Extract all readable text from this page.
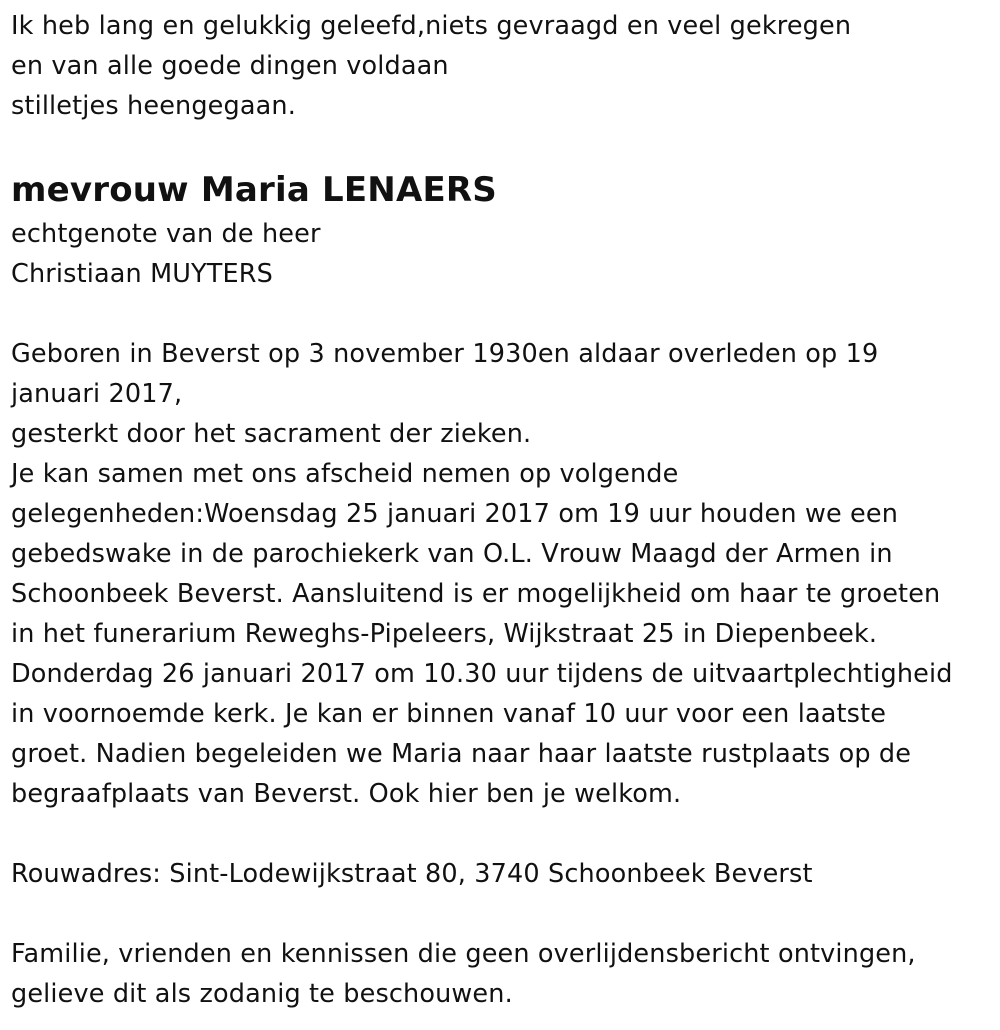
Ik heb lang en gelukkig geleefd,niets gevraagd en veel gekregen
en van alle goede dingen voldaan
stilletjes heengegaan.
mevrouw Maria LENAERS
echtgenote van de heer
Christiaan MUYTERS
Geboren in Beverst op 3 november 1930en aldaar overleden op 19
januari 2017,
gesterkt door het sacrament der zieken.
Je kan samen met ons afscheid nemen op volgende
gelegenheden:Woensdag 25 januari 2017 om 19 uur houden we een
gebedswake in de parochiekerk van O.L. Vrouw Maagd der Armen in
Schoonbeek Beverst. Aansluitend is er mogelijkheid om haar te groeten
in het funerarium Reweghs-Pipeleers, Wijkstraat 25 in Diepenbeek.
Donderdag 26 januari 2017 om 10.30 uur tijdens de uitvaartplechtigheid
in voornoemde kerk. Je kan er binnen vanaf 10 uur voor een laatste
groet. Nadien begeleiden we Maria naar haar laatste rustplaats op de
begraafplaats van Beverst. Ook hier ben je welkom.
Rouwadres: Sint-Lodewijkstraat 80, 3740 Schoonbeek Beverst
Familie, vrienden en kennissen die geen overlijdensbericht ontvingen,
gelieve dit als zodanig te beschouwen.
